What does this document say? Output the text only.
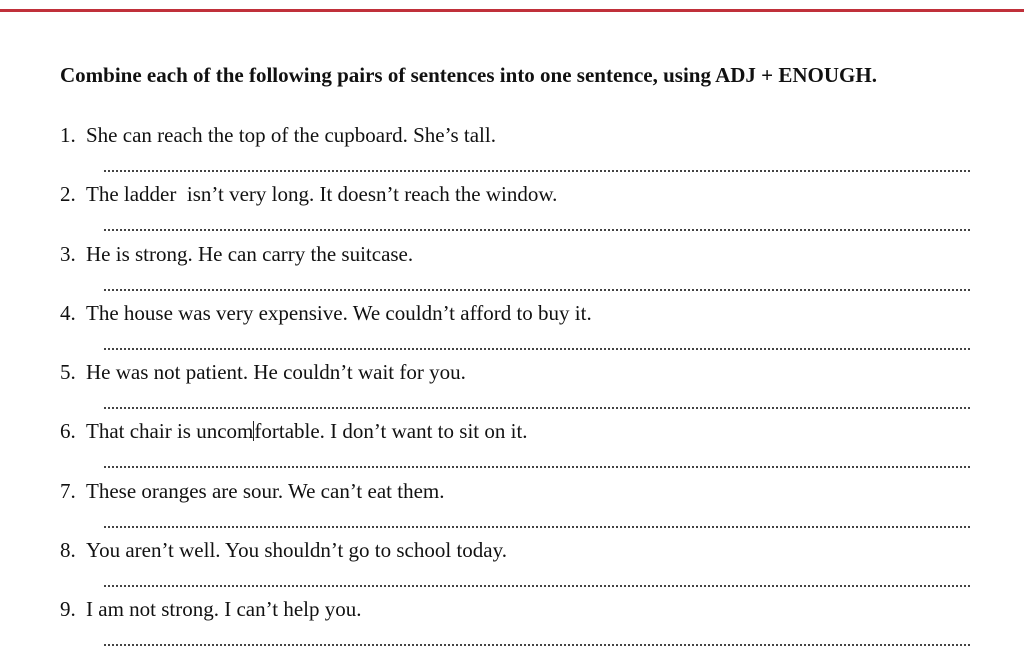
Combine each of the following pairs of sentences into one sentence, using ADJ + ENOUGH.
1. She can reach the top of the cupboard. She’s tall.
2. The ladder  isn’t very long. It doesn’t reach the window.
3. He is strong. He can carry the suitcase.
4. The house was very expensive. We couldn’t afford to buy it.
5. He was not patient. He couldn’t wait for you.
6. That chair is uncomfortable. I don’t want to sit on it.
7. These oranges are sour. We can’t eat them.
8. You aren’t well. You shouldn’t go to school today.
9. I am not strong. I can’t help you.
